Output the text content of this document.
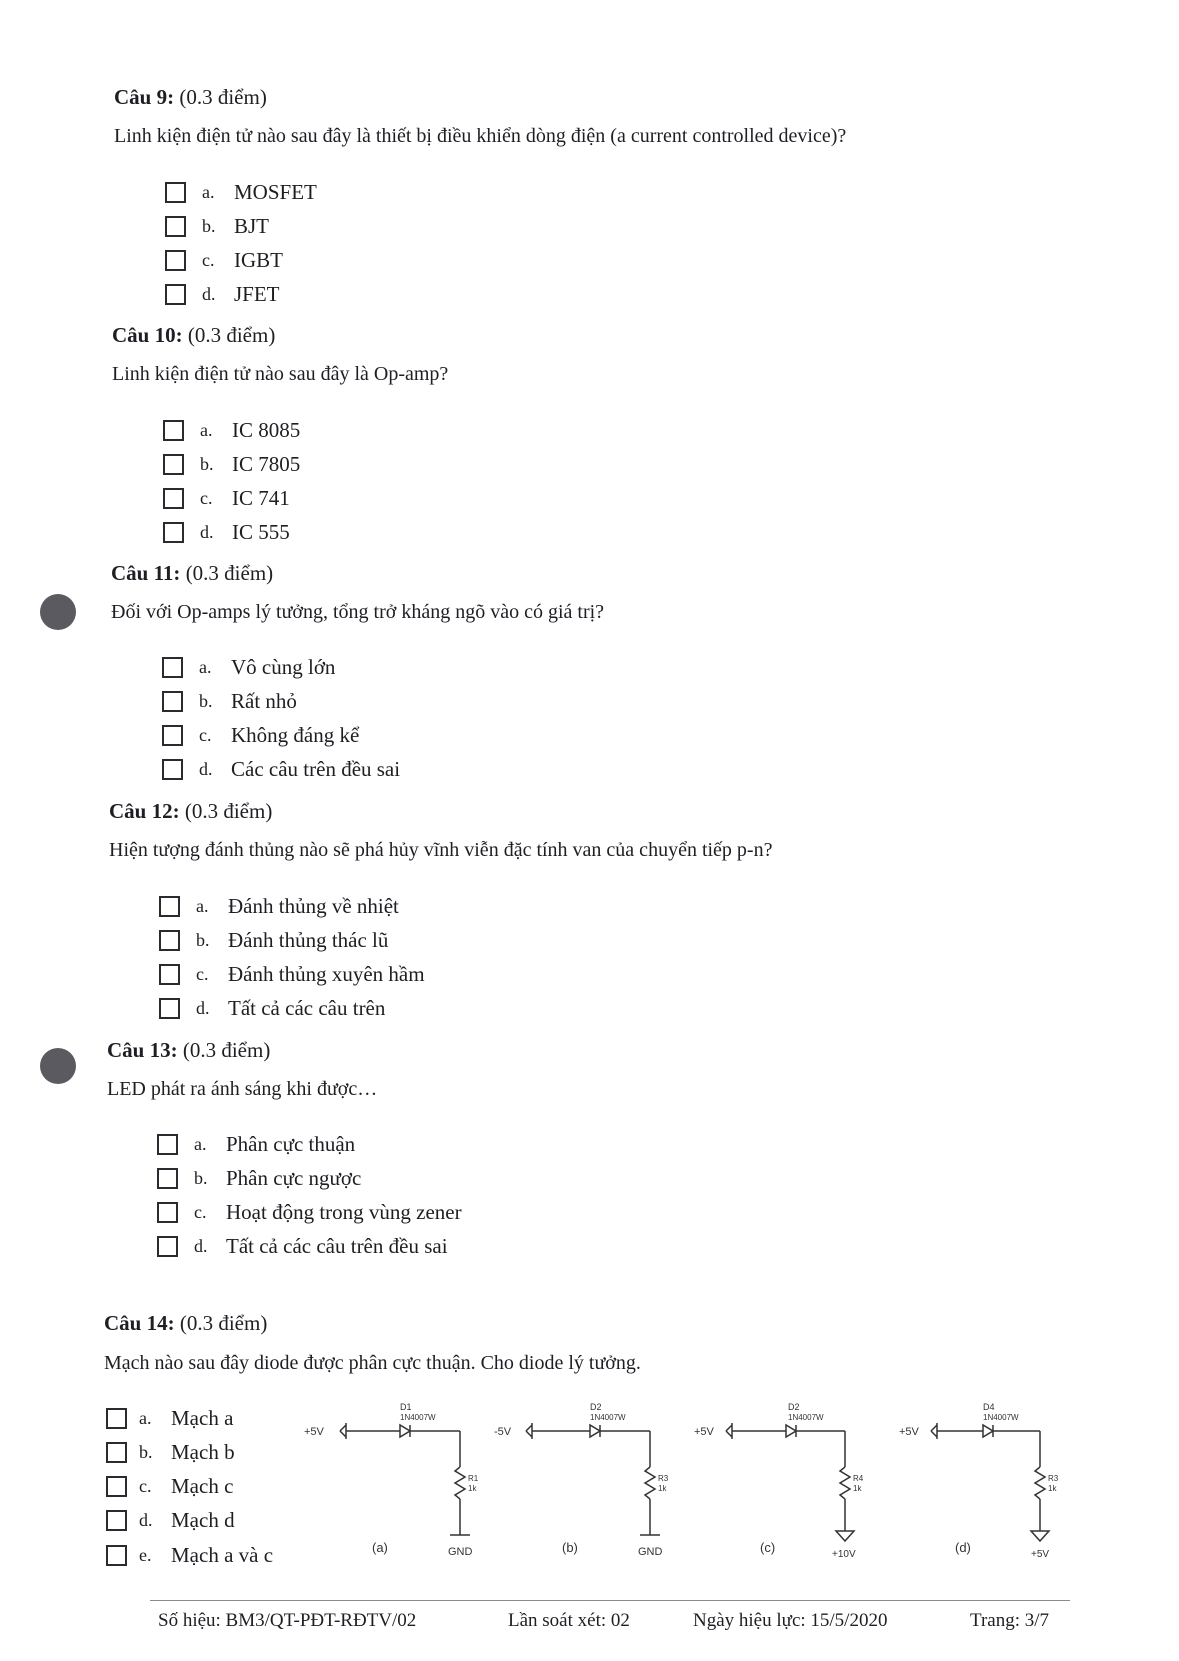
Câu 9: (0.3 điểm)
Linh kiện điện tử nào sau đây là thiết bị điều khiển dòng điện (a current controlled device)?
a. MOSFET
b. BJT
c. IGBT
d. JFET
Câu 10: (0.3 điểm)
Linh kiện điện tử nào sau đây là Op-amp?
a. IC 8085
b. IC 7805
c. IC 741
d. IC 555
Câu 11: (0.3 điểm)
Đối với Op-amps lý tưởng, tổng trở kháng ngõ vào có giá trị?
a. Vô cùng lớn
b. Rất nhỏ
c. Không đáng kể
d. Các câu trên đều sai
Câu 12: (0.3 điểm)
Hiện tượng đánh thủng nào sẽ phá hủy vĩnh viễn đặc tính van của chuyển tiếp p-n?
a. Đánh thủng về nhiệt
b. Đánh thủng thác lũ
c. Đánh thủng xuyên hầm
d. Tất cả các câu trên
Câu 13: (0.3 điểm)
LED phát ra ánh sáng khi được…
a. Phân cực thuận
b. Phân cực ngược
c. Hoạt động trong vùng zener
d. Tất cả các câu trên đều sai
Câu 14: (0.3 điểm)
Mạch nào sau đây diode được phân cực thuận. Cho diode lý tưởng.
a. Mạch a
b. Mạch b
c. Mạch c
d. Mạch d
e. Mạch a và c
+5V
D1
1N4007W
R1
1k
GND
(a)
-5V
D2
1N4007W
R3
1k
GND
(b)
+5V
D2
1N4007W
R4
1k
+10V
(c)
+5V
D4
1N4007W
R3
1k
+5V
(d)
Số hiệu: BM3/QT-PĐT-RĐTV/02	Lần soát xét: 02	Ngày hiệu lực: 15/5/2020	Trang: 3/7
